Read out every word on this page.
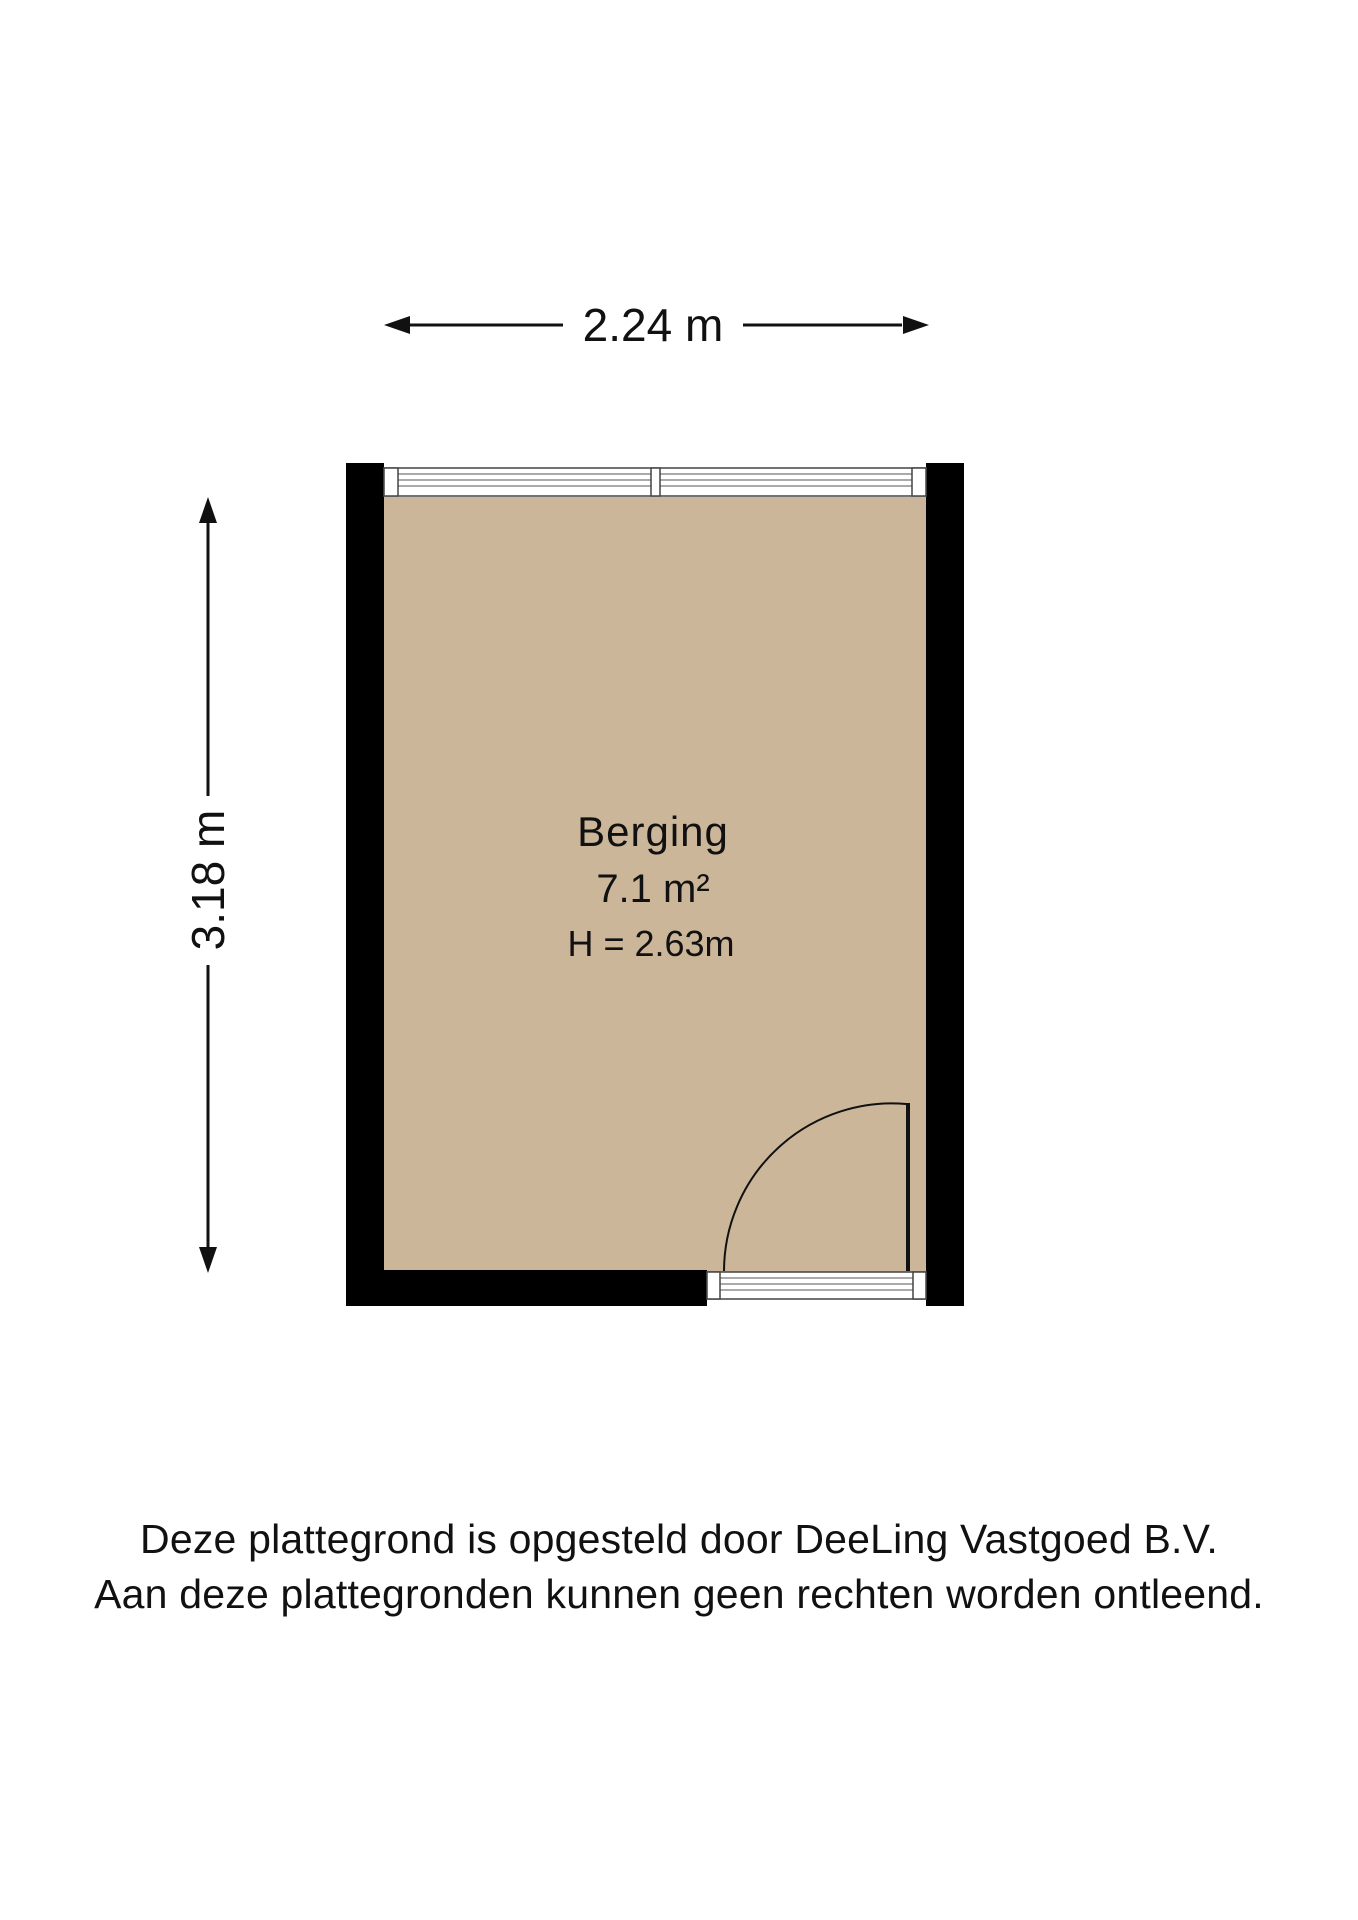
2.24 m
3.18 m	Berging
7.1 m²
H = 2.63m
Deze plattegrond is opgesteld door DeeLing Vastgoed B.V.
Aan deze plattegronden kunnen geen rechten worden ontleend.
